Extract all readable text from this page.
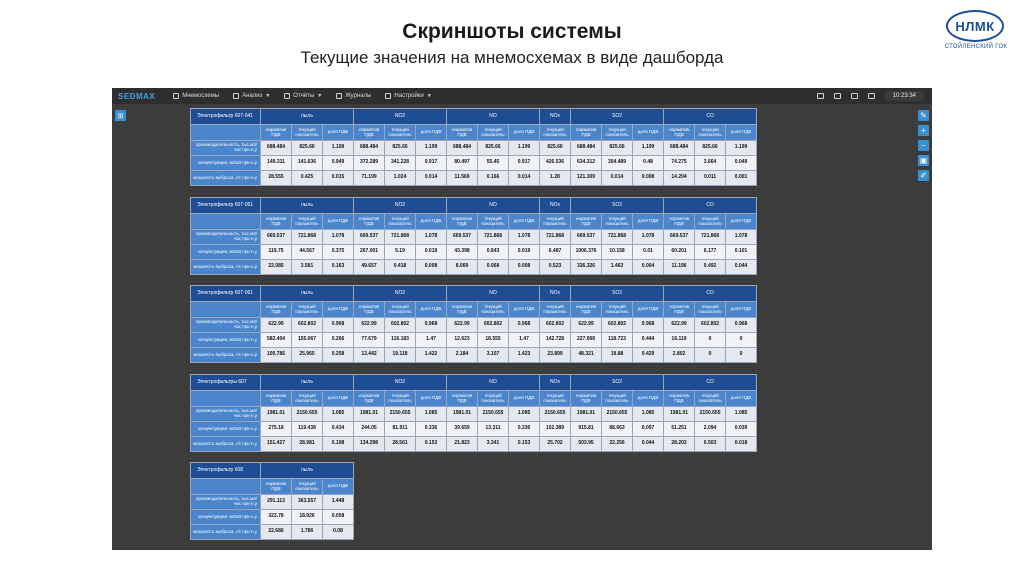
Скриншоты системы
Текущие значения на мнемосхемах в виде дашборда
НЛМК
СТОЙЛЕНСКИЙ ГОК
SEDMAX	Мнемосхемы	Анализ ▼	Отчёты ▼	Журналы	Настройки ▼	10:23:34
⊞	✎
+
−
▣
✐
Электрофильтр 607-041	пыль			NO2			NO			NOx	SO2			CO		
	норматив ПДВ	текущий показатель	доля ПДВ	норматив ПДВ	текущий показатель	доля ПДВ	норматив ПДВ	текущий показатель	доля ПДВ	текущий показатель	норматив ПДВ	текущий показатель	доля ПДВ	норматив ПДВ	текущий показатель	доля ПДВ
производительность, тыс.м3/час при н.у	688.484	825.66	1.199	688.484	825.66	1.199	688.484	825.66	1.199	825.66	688.484	825.66	1.199	688.484	825.66	1.199
концентрация, мг/м3 при н.у	149.311	141.636	0.949	372.289	341.228	0.917	80.497	55.45	0.917	426.536	634.312	304.489	0.48	74.275	3.664	0.049
мощность выброса, г/с при н.у	28.555	0.425	0.015	71.199	1.024	0.014	11.569	0.166	0.014	1.28	121.309	0.014	0.008	14.204	0.011	0.001
Электрофильтр 607-051	пыль			NO2			NO			NOx	SO2			CO		
	норматив ПДВ	текущий показатель	доля ПДВ	норматив ПДВ	текущий показатель	доля ПДВ	норматив ПДВ	текущий показатель	доля ПДВ	текущий показатель	норматив ПДВ	текущий показатель	доля ПДВ	норматив ПДВ	текущий показатель	доля ПДВ
производительность, тыс.м3/час при н.у	669.537	721.868	1.078	669.537	721.868	1.078	669.537	721.868	1.078	721.868	669.537	721.868	1.078	669.537	721.868	1.078
концентрация, мг/м3 при н.у	119.75	44.567	0.375	267.001	5.19	0.019	43.398	0.843	0.019	6.487	1006.376	10.158	0.01	60.201	6.177	0.101
мощность выброса, г/с при н.у	22.085	3.581	0.163	49.657	0.418	0.008	8.069	0.068	0.008	0.523	336.326	1.463	0.004	11.196	0.492	0.044
Электрофильтр 607-061	пыль			NO2			NO			NOx	SO2			CO		
	норматив ПДВ	текущий показатель	доля ПДВ	норматив ПДВ	текущий показатель	доля ПДВ	норматив ПДВ	текущий показатель	доля ПДВ	текущий показатель	норматив ПДВ	текущий показатель	доля ПДВ	норматив ПДВ	текущий показатель	доля ПДВ
производительность, тыс.м3/час при н.у	622.99	602.802	0.968	622.99	602.802	0.968	622.99	602.802	0.968	602.802	622.99	602.802	0.968	622.99	602.802	0.968
концентрация, мг/м3 при н.у	582.404	155.067	0.266	77.679	116.183	1.47	12.623	18.555	1.47	142.728	227.068	118.723	0.444	16.119	0	0
мощность выброса, г/с при н.у	100.786	25.965	0.258	13.442	19.118	1.422	2.184	3.107	1.423	23.899	48.321	19.88	0.429	2.802	0	0
Электрофильтры 607	пыль			NO2			NO			NOx	SO2			CO		
	норматив ПДВ	текущий показатель	доля ПДВ	норматив ПДВ	текущий показатель	доля ПДВ	норматив ПДВ	текущий показатель	доля ПДВ	текущий показатель	норматив ПДВ	текущий показатель	доля ПДВ	норматив ПДВ	текущий показатель	доля ПДВ
производительность, тыс.м3/час при н.у	1981.01	2150.655	1.085	1981.01	2150.655	1.085	1981.01	2150.655	1.085	2150.655	1981.01	2150.655	1.085	1981.01	2150.655	1.085
концентрация, мг/м3 при н.у	275.18	119.438	0.434	244.05	81.911	0.336	39.659	13.311	0.336	102.389	915.81	88.663	0.097	51.251	2.094	0.039
мощность выброса, г/с при н.у	151.427	28.981	0.198	134.298	28.561	0.153	21.823	3.341	0.153	25.702	503.95	22.256	0.044	28.202	0.503	0.018
Электрофильтр 608	пыль		
	норматив ПДВ	текущий показатель	доля ПДВ
производительность, тыс.м3/час при н.у	291.113	363.557	1.448
концентрация, мг/м3 при н.у	323.78	18.926	0.058
мощность выброса, г/с при н.у	22.686	1.786	0.08
